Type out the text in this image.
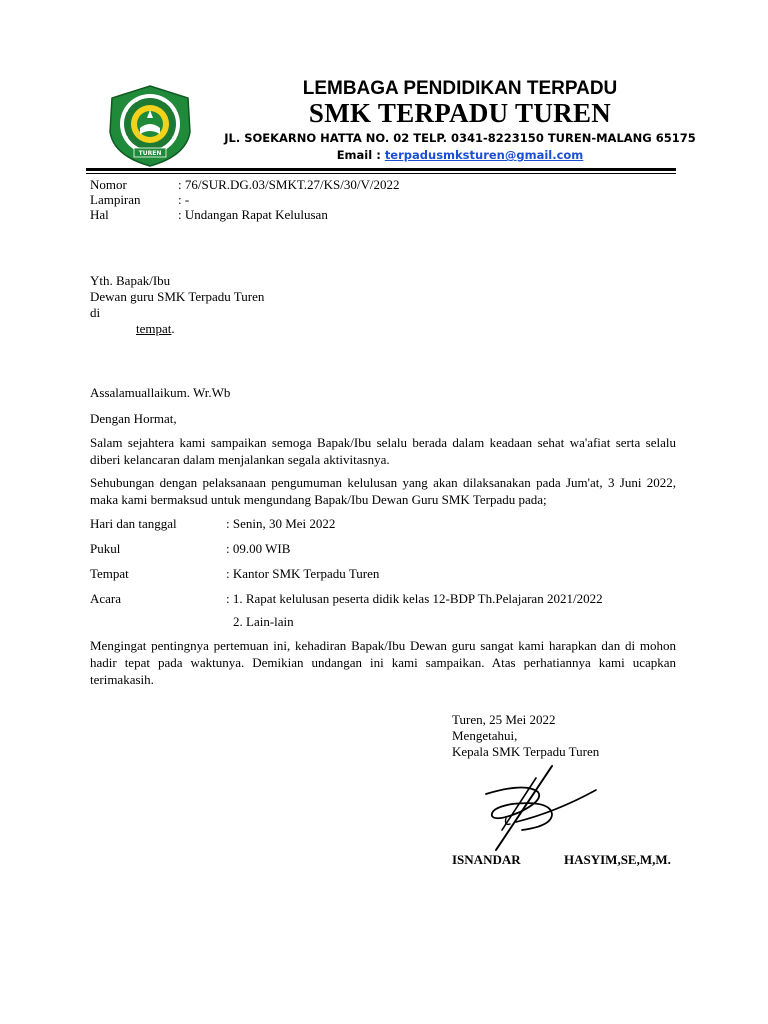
TUREN
LEMBAGA PENDIDIKAN TERPADU
SMK TERPADU TUREN
JL. SOEKARNO HATTA NO. 02 TELP. 0341-8223150 TUREN-MALANG 65175
Email : terpadusmksturen@gmail.com
Nomor	: 76/SUR.DG.03/SMKT.27/KS/30/V/2022
Lampiran	: -
Hal	: Undangan Rapat Kelulusan
Yth. Bapak/Ibu
Dewan guru SMK Terpadu Turen
di
tempat.
Assalamuallaikum. Wr.Wb
Dengan Hormat,
Salam sejahtera kami sampaikan semoga Bapak/Ibu selalu berada dalam keadaan sehat wa'afiat serta selalu diberi kelancaran dalam menjalankan segala aktivitasnya.
Sehubungan dengan pelaksanaan pengumuman kelulusan yang akan dilaksanakan pada Jum'at, 3 Juni 2022, maka kami bermaksud untuk mengundang Bapak/Ibu Dewan Guru SMK Terpadu pada;
Hari dan tanggal	: Senin, 30 Mei 2022
Pukul	: 09.00 WIB
Tempat	: Kantor SMK Terpadu Turen
Acara	: 1. Rapat kelulusan peserta didik kelas 12-BDP Th.Pelajaran 2021/2022
2. Lain-lain
Mengingat pentingnya pertemuan ini, kehadiran Bapak/Ibu Dewan guru sangat kami harapkan dan di mohon hadir tepat pada waktunya. Demikian undangan ini kami sampaikan. Atas perhatiannya kami ucapkan terimakasih.
Turen, 25 Mei 2022
Mengetahui,
Kepala SMK Terpadu Turen
ISNANDAR	HASYIM,SE,M,M.
